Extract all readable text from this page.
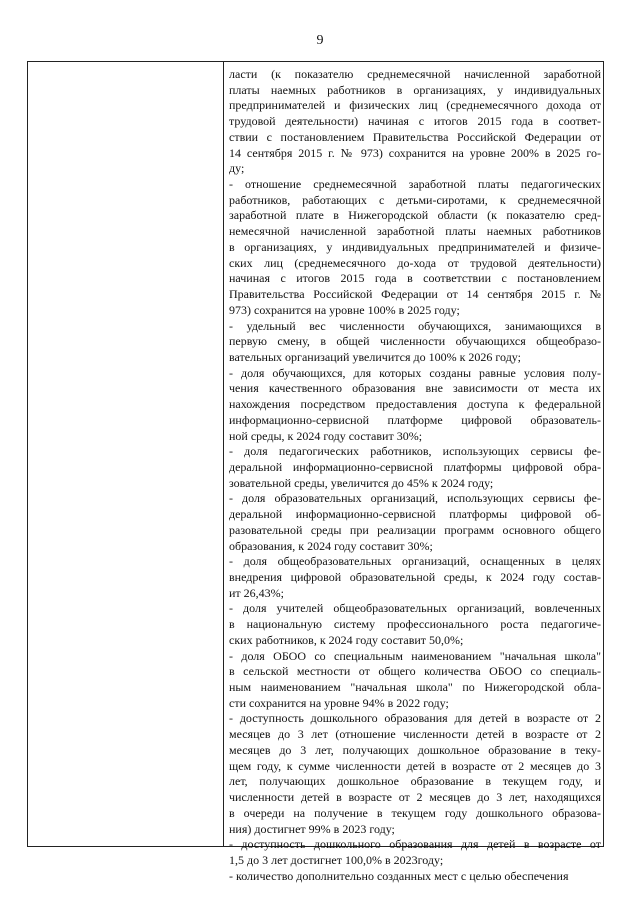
9
ласти (к показателю среднемесячной начисленной заработной
платы наемных работников в организациях, у индивидуальных
предпринимателей и физических лиц (среднемесячного дохода от
трудовой деятельности) начиная с итогов 2015 года в соответ-
ствии с постановлением Правительства Российской Федерации от
14 сентября 2015 г. № 973) сохранится на уровне 200% в 2025 го-
ду;
- отношение среднемесячной заработной платы педагогических
работников, работающих с детьми-сиротами, к среднемесячной
заработной плате в Нижегородской области (к показателю сред-
немесячной начисленной заработной платы наемных работников
в организациях, у индивидуальных предпринимателей и физиче-
ских лиц (среднемесячного до-хода от трудовой деятельности)
начиная с итогов 2015 года в соответствии с постановлением
Правительства Российской Федерации от 14 сентября 2015 г. №
973) сохранится на уровне 100% в 2025 году;
- удельный вес численности обучающихся, занимающихся в
первую смену, в общей численности обучающихся общеобразо-
вательных организаций увеличится до 100% к 2026 году;
- доля обучающихся, для которых созданы равные условия полу-
чения качественного образования вне зависимости от места их
нахождения посредством предоставления доступа к федеральной
информационно-сервисной платформе цифровой образователь-
ной среды, к 2024 году составит 30%;
- доля педагогических работников, использующих сервисы фе-
деральной информационно-сервисной платформы цифровой обра-
зовательной среды, увеличится до 45% к 2024 году;
- доля образовательных организаций, использующих сервисы фе-
деральной информационно-сервисной платформы цифровой об-
разовательной среды при реализации программ основного общего
образования, к 2024 году составит 30%;
- доля общеобразовательных организаций, оснащенных в целях
внедрения цифровой образовательной среды, к 2024 году состав-
ит 26,43%;
- доля учителей общеобразовательных организаций, вовлеченных
в национальную систему профессионального роста педагогиче-
ских работников, к 2024 году составит 50,0%;
- доля ОБОО со специальным наименованием "начальная школа"
в сельской местности от общего количества ОБОО со специаль-
ным наименованием "начальная школа" по Нижегородской обла-
сти сохранится на уровне 94% в 2022 году;
- доступность дошкольного образования для детей в возрасте от 2
месяцев до 3 лет (отношение численности детей в возрасте от 2
месяцев до 3 лет, получающих дошкольное образование в теку-
щем году, к сумме численности детей в возрасте от 2 месяцев до 3
лет, получающих дошкольное образование в текущем году, и
численности детей в возрасте от 2 месяцев до 3 лет, находящихся
в очереди на получение в текущем году дошкольного образова-
ния) достигнет 99% в 2023 году;
- доступность дошкольного образования для детей в возрасте от
1,5 до 3 лет достигнет 100,0% в 2023году;
- количество дополнительно созданных мест с целью обеспечения
